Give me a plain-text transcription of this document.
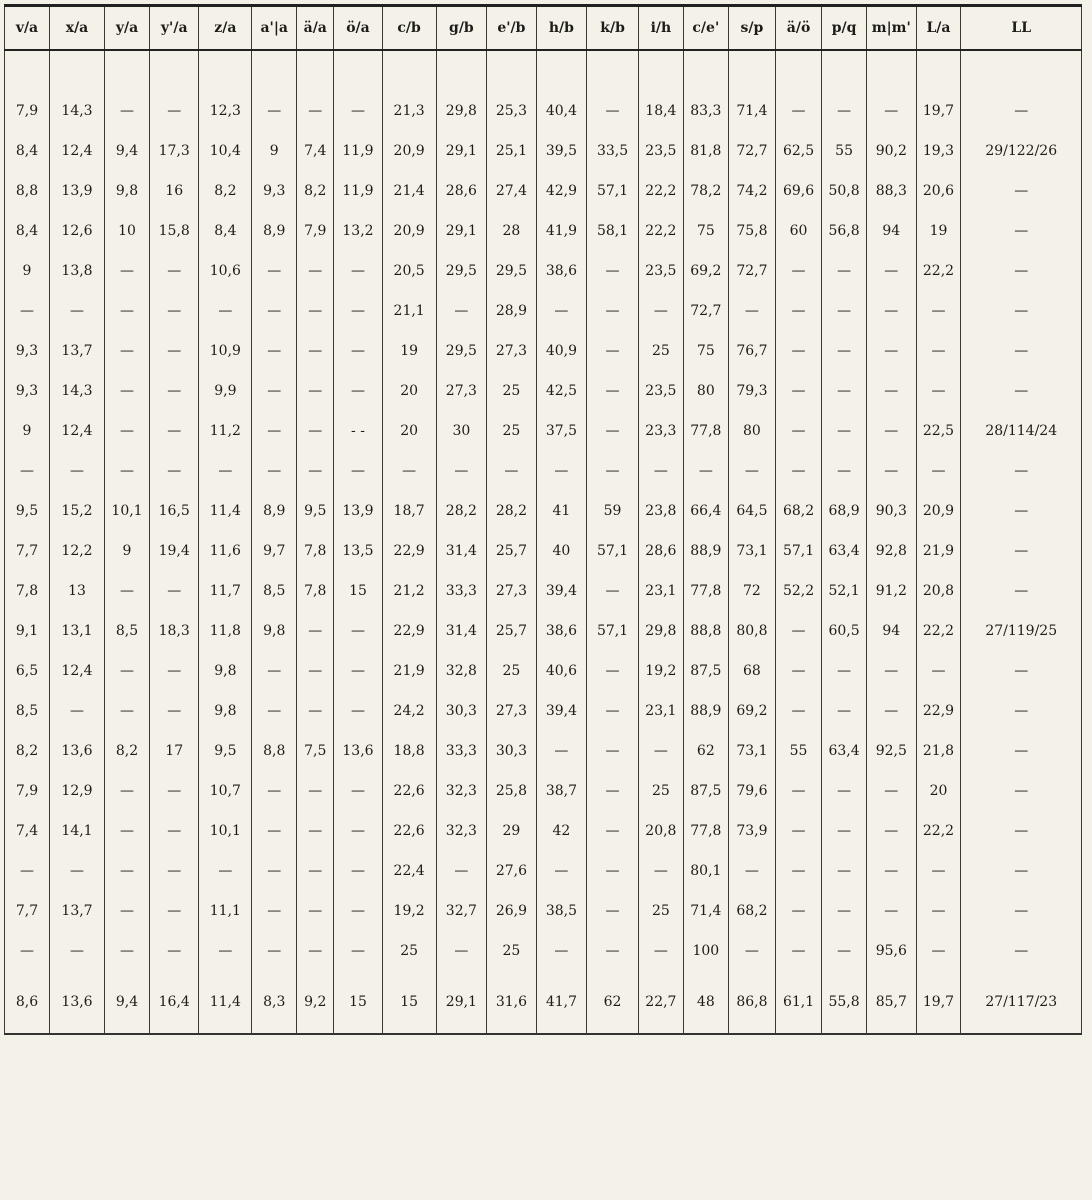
v/a	x/a	y/a	y'/a	z/a	a'|a	ä/a	ö/a	c/b	g/b	e'/b	h/b	k/b	i/h	c/e'	s/p	ä/ö	p/q	m|m'	L/a	LL

7,9	14,3	—	—	12,3	—	—	—	21,3	29,8	25,3	40,4	—	18,4	83,3	71,4	—	—	—	19,7	—
8,4	12,4	9,4	17,3	10,4	9	7,4	11,9	20,9	29,1	25,1	39,5	33,5	23,5	81,8	72,7	62,5	55	90,2	19,3	29/122/26
8,8	13,9	9,8	16	8,2	9,3	8,2	11,9	21,4	28,6	27,4	42,9	57,1	22,2	78,2	74,2	69,6	50,8	88,3	20,6	—
8,4	12,6	10	15,8	8,4	8,9	7,9	13,2	20,9	29,1	28	41,9	58,1	22,2	75	75,8	60	56,8	94	19	—
9	13,8	—	—	10,6	—	—	—	20,5	29,5	29,5	38,6	—	23,5	69,2	72,7	—	—	—	22,2	—
—	—	—	—	—	—	—	—	21,1	—	28,9	—	—	—	72,7	—	—	—	—	—	—
9,3	13,7	—	—	10,9	—	—	—	19	29,5	27,3	40,9	—	25	75	76,7	—	—	—	—	—
9,3	14,3	—	—	9,9	—	—	—	20	27,3	25	42,5	—	23,5	80	79,3	—	—	—	—	—
9	12,4	—	—	11,2	—	—	- -	20	30	25	37,5	—	23,3	77,8	80	—	—	—	22,5	28/114/24
—	—	—	—	—	—	—	—	—	—	—	—	—	—	—	—	—	—	—	—	—
9,5	15,2	10,1	16,5	11,4	8,9	9,5	13,9	18,7	28,2	28,2	41	59	23,8	66,4	64,5	68,2	68,9	90,3	20,9	—
7,7	12,2	9	19,4	11,6	9,7	7,8	13,5	22,9	31,4	25,7	40	57,1	28,6	88,9	73,1	57,1	63,4	92,8	21,9	—
7,8	13	—	—	11,7	8,5	7,8	15	21,2	33,3	27,3	39,4	—	23,1	77,8	72	52,2	52,1	91,2	20,8	—
9,1	13,1	8,5	18,3	11,8	9,8	—	—	22,9	31,4	25,7	38,6	57,1	29,8	88,8	80,8	—	60,5	94	22,2	27/119/25
6,5	12,4	—	—	9,8	—	—	—	21,9	32,8	25	40,6	—	19,2	87,5	68	—	—	—	—	—
8,5	—	—	—	9,8	—	—	—	24,2	30,3	27,3	39,4	—	23,1	88,9	69,2	—	—	—	22,9	—
8,2	13,6	8,2	17	9,5	8,8	7,5	13,6	18,8	33,3	30,3	—	—	—	62	73,1	55	63,4	92,5	21,8	—
7,9	12,9	—	—	10,7	—	—	—	22,6	32,3	25,8	38,7	—	25	87,5	79,6	—	—	—	20	—
7,4	14,1	—	—	10,1	—	—	—	22,6	32,3	29	42	—	20,8	77,8	73,9	—	—	—	22,2	—
—	—	—	—	—	—	—	—	22,4	—	27,6	—	—	—	80,1	—	—	—	—	—	—
7,7	13,7	—	—	11,1	—	—	—	19,2	32,7	26,9	38,5	—	25	71,4	68,2	—	—	—	—	—
—	—	—	—	—	—	—	—	25	—	25	—	—	—	100	—	—	—	95,6	—	—
8,6	13,6	9,4	16,4	11,4	8,3	9,2	15	15	29,1	31,6	41,7	62	22,7	48	86,8	61,1	55,8	85,7	19,7	27/117/23
